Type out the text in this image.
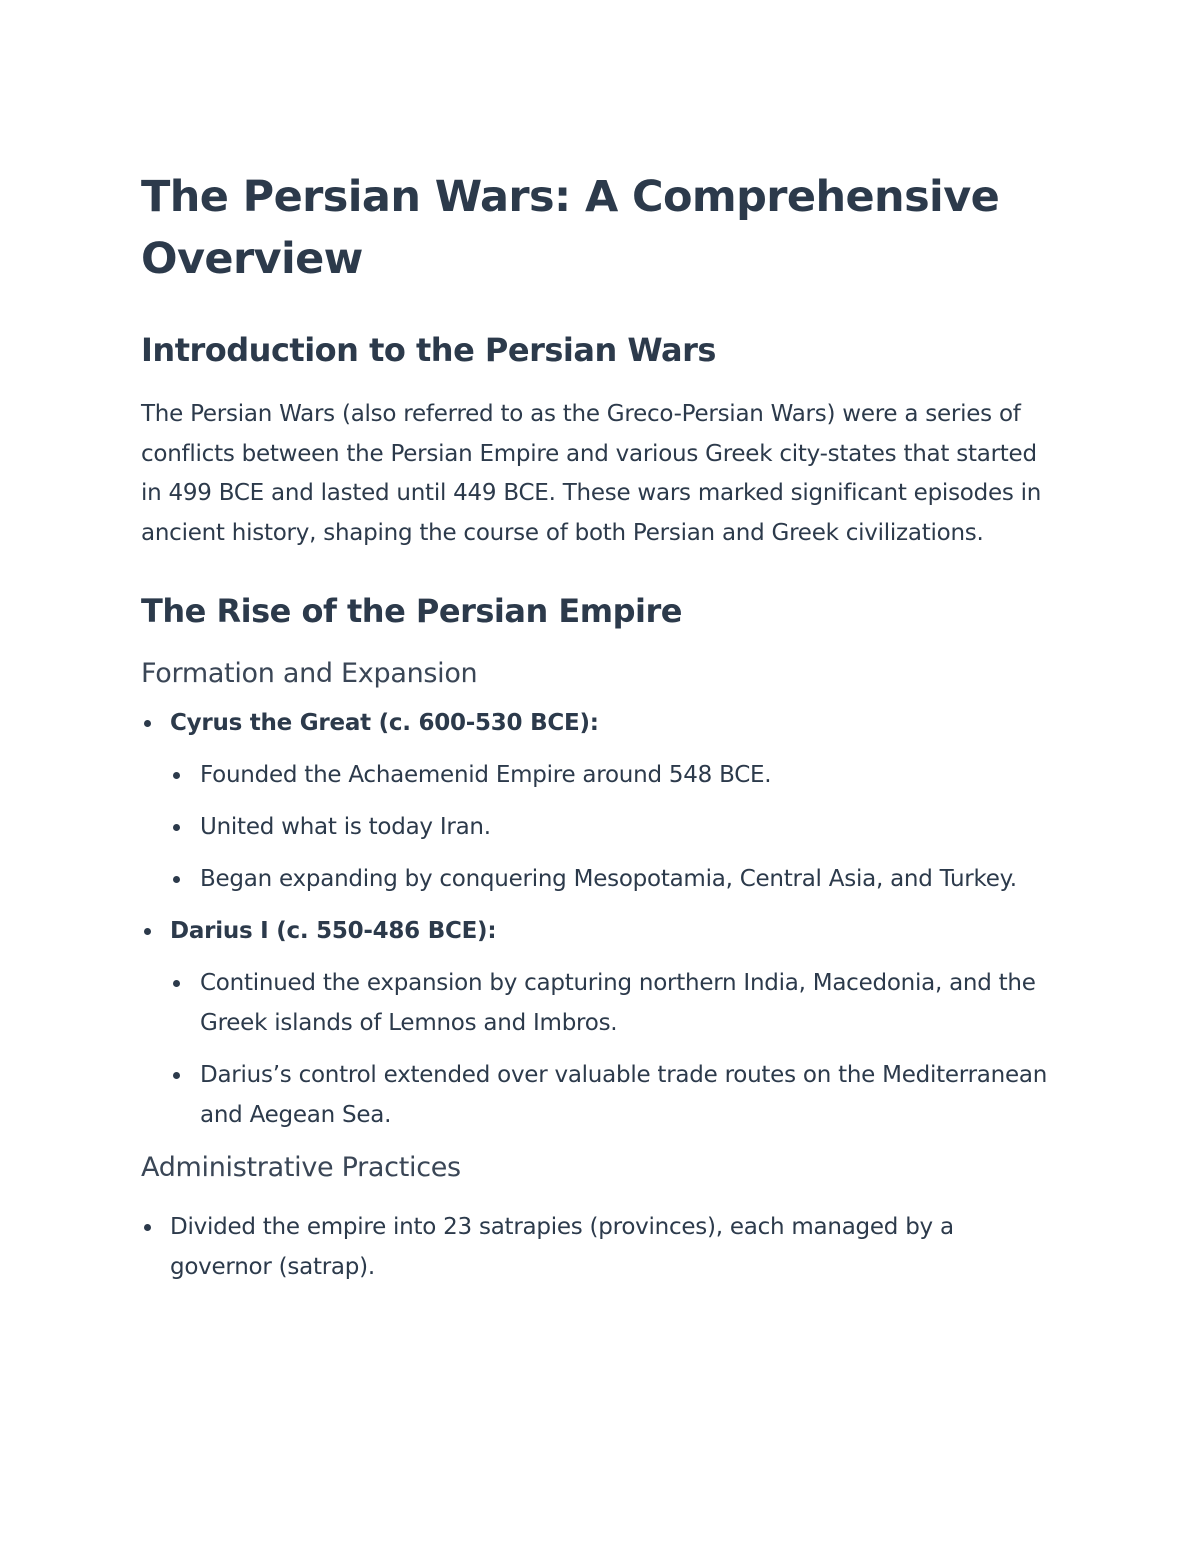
The Persian Wars: A Comprehensive Overview
Introduction to the Persian Wars

The Persian Wars (also referred to as the Greco-Persian Wars) were a series of conflicts between the Persian Empire and various Greek city-states that started in 499 BCE and lasted until 449 BCE. These wars marked significant episodes in ancient history, shaping the course of both Persian and Greek civilizations.

The Rise of the Persian Empire
Formation and Expansion
Cyrus the Great (c. 600-530 BCE):
Founded the Achaemenid Empire around 548 BCE.
United what is today Iran.
Began expanding by conquering Mesopotamia, Central Asia, and Turkey.
Darius I (c. 550-486 BCE):
Continued the expansion by capturing northern India, Macedonia, and the Greek islands of Lemnos and Imbros.
Darius’s control extended over valuable trade routes on the Mediterranean and Aegean Sea.
Administrative Practices
Divided the empire into 23 satrapies (provinces), each managed by a governor (satrap).
